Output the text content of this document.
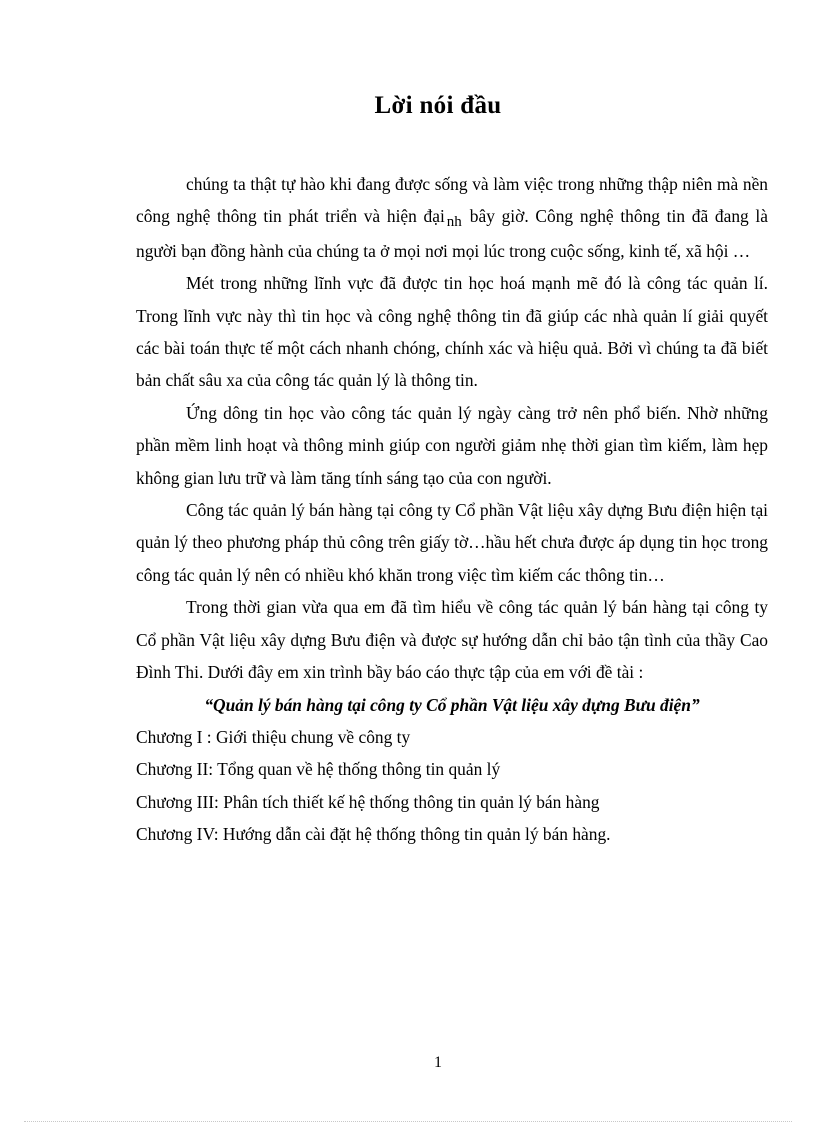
Lời nói đầu

chúng ta thật tự hào khi đang được sống và làm việc trong những thập niên mà nền công nghệ thông tin phát triển và hiện đại nh bây giờ. Công nghệ thông tin đã đang là người bạn đồng hành của chúng ta ở mọi nơi mọi lúc trong cuộc sống, kinh tế, xã hội …

Mét trong những lĩnh vực đã được tin học hoá mạnh mẽ đó là công tác quản lí. Trong lĩnh vực này thì tin học và công nghệ thông tin đã giúp các nhà quản lí giải quyết các bài toán thực tế một cách nhanh chóng, chính xác và hiệu quả. Bởi vì chúng ta đã biết bản chất sâu xa của công tác quản lý là thông tin.

Ứng dông tin học vào công tác quản lý ngày càng trở nên phổ biến. Nhờ những phần mềm linh hoạt và thông minh giúp con người giảm nhẹ thời gian tìm kiếm, làm hẹp không gian lưu trữ và làm tăng tính sáng tạo của con người.

Công tác quản lý bán hàng tại công ty Cổ phần Vật liệu xây dựng Bưu điện hiện tại quản lý theo phương pháp thủ công trên giấy tờ…hầu hết chưa được áp dụng tin học trong công tác quản lý nên có nhiều khó khăn trong việc tìm kiếm các thông tin…

Trong thời gian vừa qua em đã tìm hiểu về công tác quản lý bán hàng tại công ty Cổ phần Vật liệu xây dựng Bưu điện và được sự hướng dẫn chỉ bảo tận tình của thầy Cao Đình Thi. Dưới đây em xin trình bầy báo cáo thực tập của em với đề tài :

“Quản lý bán hàng tại công ty Cổ phần Vật liệu xây dựng Bưu điện”

Chương I : Giới thiệu chung về công ty
Chương II: Tổng quan về hệ thống thông tin quản lý
Chương III: Phân tích thiết kế hệ thống thông tin quản lý bán hàng
Chương IV: Hướng dẫn cài đặt hệ thống thông tin quản lý bán hàng.
1
